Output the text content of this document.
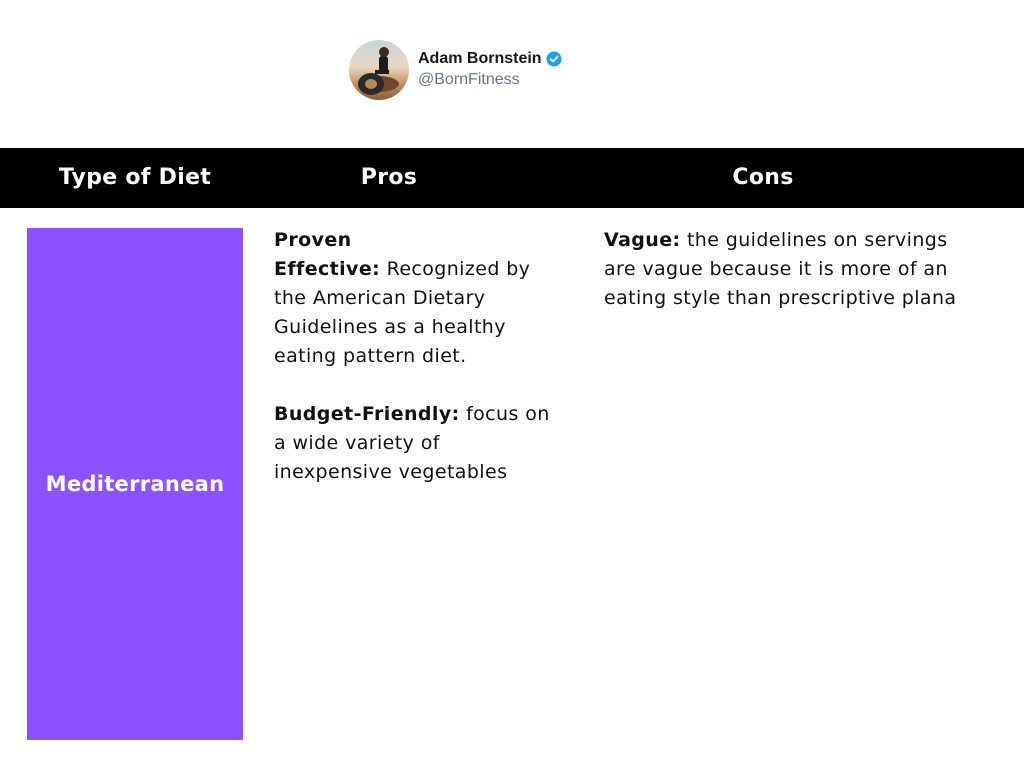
Adam Bornstein
@BornFitness
Type of Diet	Pros	Cons
Mediterranean
Proven
Effective: Recognized by
the American Dietary
Guidelines as a healthy
eating pattern diet.
Budget-Friendly: focus on
a wide variety of
inexpensive vegetables
Vague: the guidelines on servings
are vague because it is more of an
eating style than prescriptive plana
